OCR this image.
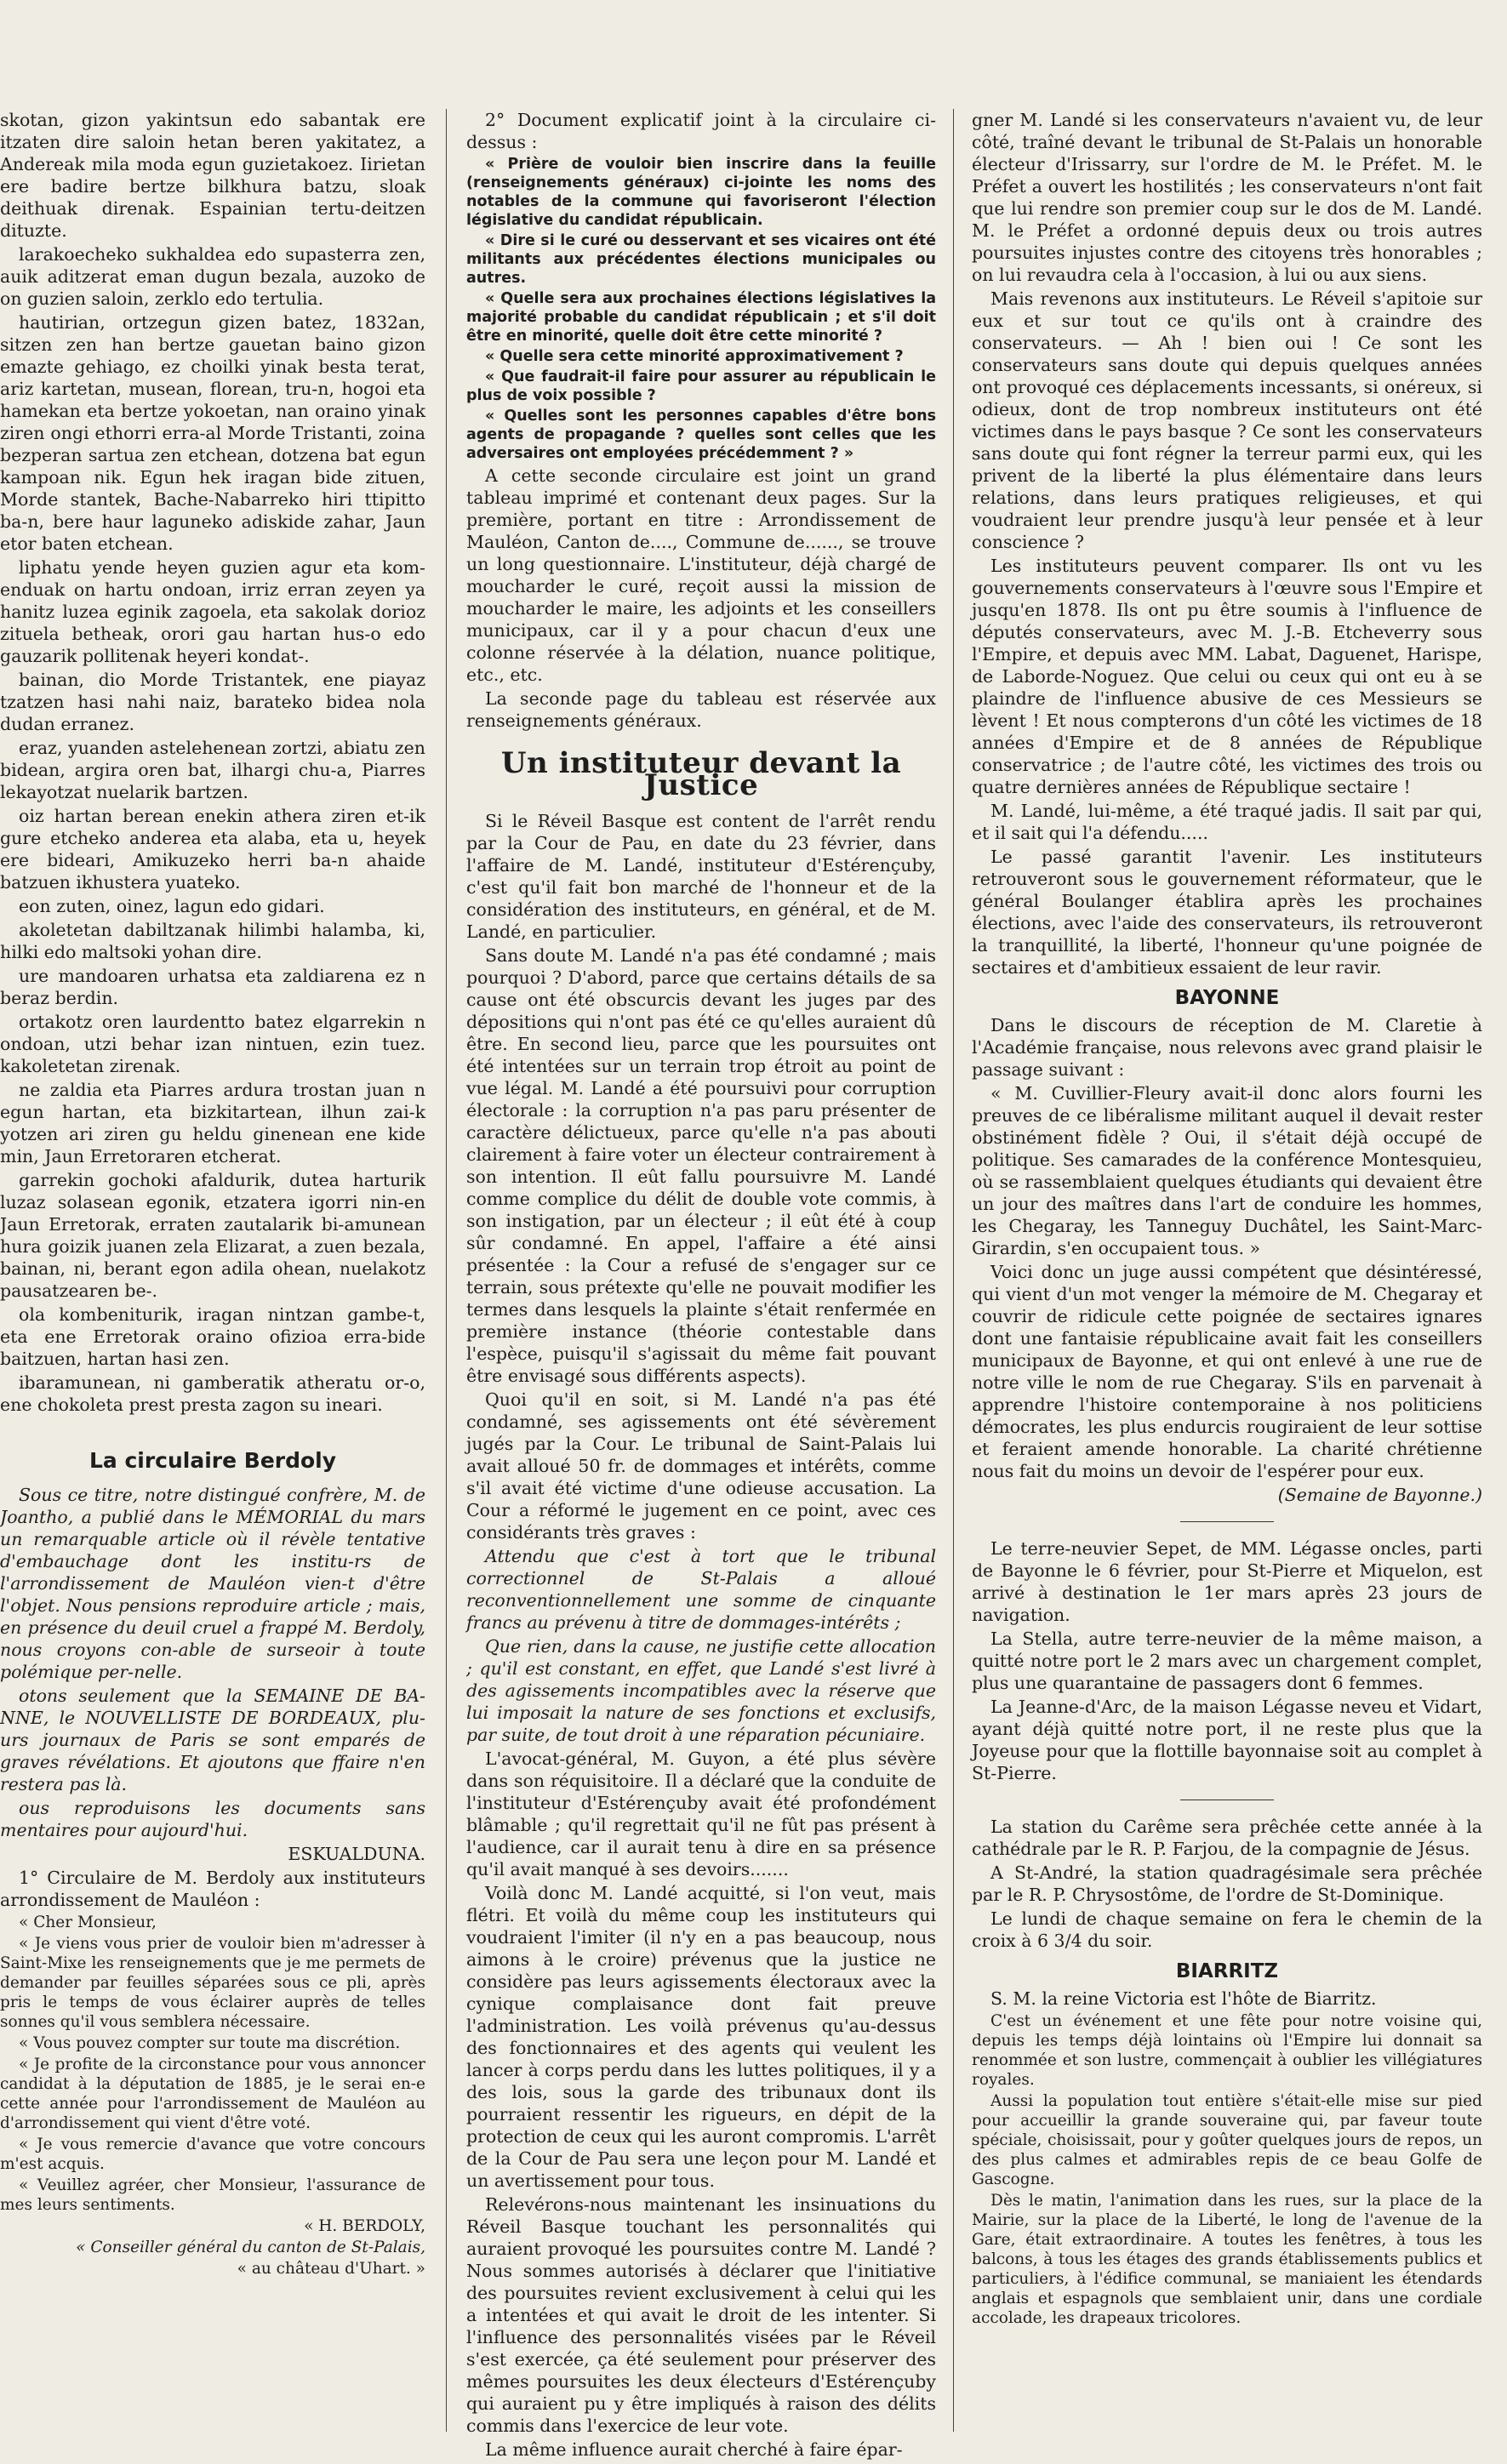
skotan, gizon yakintsun edo sabantak ere itzaten dire saloin hetan beren yakitatez, a Andereak mila moda egun guzietakoez. Iirietan ere badire bertze bilkhura batzu, sloak deithuak direnak. Espainian tertu-deitzen dituzte.

larakoecheko sukhaldea edo supasterra zen, auik aditzerat eman dugun bezala, auzoko de on guzien saloin, zerklo edo tertulia.

hautirian, ortzegun gizen batez, 1832an, sitzen zen han bertze gauetan baino gizon emazte gehiago, ez choilki yinak besta terat, ariz kartetan, musean, florean, tru-n, hogoi eta hamekan eta bertze yokoetan, nan oraino yinak ziren ongi ethorri erra-al Morde Tristanti, zoina bezperan sartua zen etchean, dotzena bat egun kampoan nik. Egun hek iragan bide zituen, Morde stantek, Bache-Nabarreko hiri ttipitto ba-n, bere haur laguneko adiskide zahar, Jaun etor baten etchean.

liphatu yende heyen guzien agur eta kom-enduak on hartu ondoan, irriz erran zeyen ya hanitz luzea eginik zagoela, eta sakolak dorioz zituela betheak, orori gau hartan hus-o edo gauzarik pollitenak heyeri kondat-.

bainan, dio Morde Tristantek, ene piayaz tzatzen hasi nahi naiz, barateko bidea nola dudan erranez.

eraz, yuanden astelehenean zortzi, abiatu zen bidean, argira oren bat, ilhargi chu-a, Piarres lekayotzat nuelarik bartzen.

oiz hartan berean enekin athera ziren et-ik gure etcheko anderea eta alaba, eta u, heyek ere bideari, Amikuzeko herri ba-n ahaide batzuen ikhustera yuateko.

eon zuten, oinez, lagun edo gidari.

akoletetan dabiltzanak hilimbi halamba, ki, hilki edo maltsoki yohan dire.

ure mandoaren urhatsa eta zaldiarena ez n beraz berdin.

ortakotz oren laurdentto batez elgarrekin n ondoan, utzi behar izan nintuen, ezin tuez. kakoletetan zirenak.

ne zaldia eta Piarres ardura trostan juan n egun hartan, eta bizkitartean, ilhun zai-k yotzen ari ziren gu heldu ginenean ene kide min, Jaun Erretoraren etcherat.

garrekin gochoki afaldurik, dutea harturik luzaz solasean egonik, etzatera igorri nin-en Jaun Erretorak, erraten zautalarik bi-amunean hura goizik juanen zela Elizarat, a zuen bezala, bainan, ni, berant egon adila ohean, nuelakotz pausatzearen be-.

ola kombeniturik, iragan nintzan gambe-t, eta ene Erretorak oraino ofizioa erra-bide baitzuen, hartan hasi zen.

ibaramunean, ni gamberatik atheratu or-o, ene chokoleta prest presta zagon su ineari.

La circulaire Berdoly

Sous ce titre, notre distingué confrère, M. de Joantho, a publié dans le MÉMORIAL du mars un remarquable article où il révèle tentative d'embauchage dont les institu-rs de l'arrondissement de Mauléon vien-t d'être l'objet. Nous pensions reproduire article ; mais, en présence du deuil cruel a frappé M. Berdoly, nous croyons con-able de surseoir à toute polémique per-nelle.

otons seulement que la SEMAINE DE BA-NNE, le NOUVELLISTE DE BORDEAUX, plu-urs journaux de Paris se sont emparés de graves révélations. Et ajoutons que ffaire n'en restera pas là.

ous reproduisons les documents sans mentaires pour aujourd'hui.

ESKUALDUNA.

1° Circulaire de M. Berdoly aux instituteurs arrondissement de Mauléon :

« Cher Monsieur,

« Je viens vous prier de vouloir bien m'adresser à Saint-Mixe les renseignements que je me permets de demander par feuilles séparées sous ce pli, après pris le temps de vous éclairer auprès de telles sonnes qu'il vous semblera nécessaire.

« Vous pouvez compter sur toute ma discrétion.

« Je profite de la circonstance pour vous annoncer candidat à la députation de 1885, je le serai en-e cette année pour l'arrondissement de Mauléon au d'arrondissement qui vient d'être voté.

« Je vous remercie d'avance que votre concours m'est acquis.

« Veuillez agréer, cher Monsieur, l'assurance de mes leurs sentiments.

« H. BERDOLY,

« Conseiller général du canton de St-Palais,

« au château d'Uhart. »

2° Document explicatif joint à la circulaire ci-dessus :

« Prière de vouloir bien inscrire dans la feuille (renseignements généraux) ci-jointe les noms des notables de la commune qui favoriseront l'élection législative du candidat républicain.

« Dire si le curé ou desservant et ses vicaires ont été militants aux précédentes élections municipales ou autres.

« Quelle sera aux prochaines élections législatives la majorité probable du candidat républicain ; et s'il doit être en minorité, quelle doit être cette minorité ?

« Quelle sera cette minorité approximativement ?

« Que faudrait-il faire pour assurer au républicain le plus de voix possible ?

« Quelles sont les personnes capables d'être bons agents de propagande ? quelles sont celles que les adversaires ont employées précédemment ? »

A cette seconde circulaire est joint un grand tableau imprimé et contenant deux pages. Sur la première, portant en titre : Arrondissement de Mauléon, Canton de...., Commune de......, se trouve un long questionnaire. L'instituteur, déjà chargé de moucharder le curé, reçoit aussi la mission de moucharder le maire, les adjoints et les conseillers municipaux, car il y a pour chacun d'eux une colonne réservée à la délation, nuance politique, etc., etc.

La seconde page du tableau est réservée aux renseignements généraux.

Un instituteur devant la Justice

Si le Réveil Basque est content de l'arrêt rendu par la Cour de Pau, en date du 23 février, dans l'affaire de M. Landé, instituteur d'Estérençuby, c'est qu'il fait bon marché de l'honneur et de la considération des instituteurs, en général, et de M. Landé, en particulier.

Sans doute M. Landé n'a pas été condamné ; mais pourquoi ? D'abord, parce que certains détails de sa cause ont été obscurcis devant les juges par des dépositions qui n'ont pas été ce qu'elles auraient dû être. En second lieu, parce que les poursuites ont été intentées sur un terrain trop étroit au point de vue légal. M. Landé a été poursuivi pour corruption électorale : la corruption n'a pas paru présenter de caractère délictueux, parce qu'elle n'a pas abouti clairement à faire voter un électeur contrairement à son intention. Il eût fallu poursuivre M. Landé comme complice du délit de double vote commis, à son instigation, par un électeur ; il eût été à coup sûr condamné. En appel, l'affaire a été ainsi présentée : la Cour a refusé de s'engager sur ce terrain, sous prétexte qu'elle ne pouvait modifier les termes dans lesquels la plainte s'était renfermée en première instance (théorie contestable dans l'espèce, puisqu'il s'agissait du même fait pouvant être envisagé sous différents aspects).

Quoi qu'il en soit, si M. Landé n'a pas été condamné, ses agissements ont été sévèrement jugés par la Cour. Le tribunal de Saint-Palais lui avait alloué 50 fr. de dommages et intérêts, comme s'il avait été victime d'une odieuse accusation. La Cour a réformé le jugement en ce point, avec ces considérants très graves :

Attendu que c'est à tort que le tribunal correctionnel de St-Palais a alloué reconventionnellement une somme de cinquante francs au prévenu à titre de dommages-intérêts ;

Que rien, dans la cause, ne justifie cette allocation ; qu'il est constant, en effet, que Landé s'est livré à des agissements incompatibles avec la réserve que lui imposait la nature de ses fonctions et exclusifs, par suite, de tout droit à une réparation pécuniaire.

L'avocat-général, M. Guyon, a été plus sévère dans son réquisitoire. Il a déclaré que la conduite de l'instituteur d'Estérençuby avait été profondément blâmable ; qu'il regrettait qu'il ne fût pas présent à l'audience, car il aurait tenu à dire en sa présence qu'il avait manqué à ses devoirs.......

Voilà donc M. Landé acquitté, si l'on veut, mais flétri. Et voilà du même coup les instituteurs qui voudraient l'imiter (il n'y en a pas beaucoup, nous aimons à le croire) prévenus que la justice ne considère pas leurs agissements électoraux avec la cynique complaisance dont fait preuve l'administration. Les voilà prévenus qu'au-dessus des fonctionnaires et des agents qui veulent les lancer à corps perdu dans les luttes politiques, il y a des lois, sous la garde des tribunaux dont ils pourraient ressentir les rigueurs, en dépit de la protection de ceux qui les auront compromis. L'arrêt de la Cour de Pau sera une leçon pour M. Landé et un avertissement pour tous.

Relevérons-nous maintenant les insinuations du Réveil Basque touchant les personnalités qui auraient provoqué les poursuites contre M. Landé ? Nous sommes autorisés à déclarer que l'initiative des poursuites revient exclusivement à celui qui les a intentées et qui avait le droit de les intenter. Si l'influence des personnalités visées par le Réveil s'est exercée, ça été seulement pour préserver des mêmes poursuites les deux électeurs d'Estérençuby qui auraient pu y être impliqués à raison des délits commis dans l'exercice de leur vote.

La même influence aurait cherché à faire épar-

gner M. Landé si les conservateurs n'avaient vu, de leur côté, traîné devant le tribunal de St-Palais un honorable électeur d'Irissarry, sur l'ordre de M. le Préfet. M. le Préfet a ouvert les hostilités ; les conservateurs n'ont fait que lui rendre son premier coup sur le dos de M. Landé. M. le Préfet a ordonné depuis deux ou trois autres poursuites injustes contre des citoyens très honorables ; on lui revaudra cela à l'occasion, à lui ou aux siens.

Mais revenons aux instituteurs. Le Réveil s'apitoie sur eux et sur tout ce qu'ils ont à craindre des conservateurs. — Ah ! bien oui ! Ce sont les conservateurs sans doute qui depuis quelques années ont provoqué ces déplacements incessants, si onéreux, si odieux, dont de trop nombreux instituteurs ont été victimes dans le pays basque ? Ce sont les conservateurs sans doute qui font régner la terreur parmi eux, qui les privent de la liberté la plus élémentaire dans leurs relations, dans leurs pratiques religieuses, et qui voudraient leur prendre jusqu'à leur pensée et à leur conscience ?

Les instituteurs peuvent comparer. Ils ont vu les gouvernements conservateurs à l'œuvre sous l'Empire et jusqu'en 1878. Ils ont pu être soumis à l'influence de députés conservateurs, avec M. J.-B. Etcheverry sous l'Empire, et depuis avec MM. Labat, Daguenet, Harispe, de Laborde-Noguez. Que celui ou ceux qui ont eu à se plaindre de l'influence abusive de ces Messieurs se lèvent ! Et nous compterons d'un côté les victimes de 18 années d'Empire et de 8 années de République conservatrice ; de l'autre côté, les victimes des trois ou quatre dernières années de République sectaire !

M. Landé, lui-même, a été traqué jadis. Il sait par qui, et il sait qui l'a défendu.....

Le passé garantit l'avenir. Les instituteurs retrouveront sous le gouvernement réformateur, que le général Boulanger établira après les prochaines élections, avec l'aide des conservateurs, ils retrouveront la tranquillité, la liberté, l'honneur qu'une poignée de sectaires et d'ambitieux essaient de leur ravir.

BAYONNE

Dans le discours de réception de M. Claretie à l'Académie française, nous relevons avec grand plaisir le passage suivant :

« M. Cuvillier-Fleury avait-il donc alors fourni les preuves de ce libéralisme militant auquel il devait rester obstinément fidèle ? Oui, il s'était déjà occupé de politique. Ses camarades de la conférence Montesquieu, où se rassemblaient quelques étudiants qui devaient être un jour des maîtres dans l'art de conduire les hommes, les Chegaray, les Tanneguy Duchâtel, les Saint-Marc-Girardin, s'en occupaient tous. »

Voici donc un juge aussi compétent que désintéressé, qui vient d'un mot venger la mémoire de M. Chegaray et couvrir de ridicule cette poignée de sectaires ignares dont une fantaisie républicaine avait fait les conseillers municipaux de Bayonne, et qui ont enlevé à une rue de notre ville le nom de rue Chegaray. S'ils en parvenait à apprendre l'histoire contemporaine à nos politiciens démocrates, les plus endurcis rougiraient de leur sottise et feraient amende honorable. La charité chrétienne nous fait du moins un devoir de l'espérer pour eux.

(Semaine de Bayonne.)

Le terre-neuvier Sepet, de MM. Légasse oncles, parti de Bayonne le 6 février, pour St-Pierre et Miquelon, est arrivé à destination le 1er mars après 23 jours de navigation.

La Stella, autre terre-neuvier de la même maison, a quitté notre port le 2 mars avec un chargement complet, plus une quarantaine de passagers dont 6 femmes.

La Jeanne-d'Arc, de la maison Légasse neveu et Vidart, ayant déjà quitté notre port, il ne reste plus que la Joyeuse pour que la flottille bayonnaise soit au complet à St-Pierre.

La station du Carême sera prêchée cette année à la cathédrale par le R. P. Farjou, de la compagnie de Jésus.

A St-André, la station quadragésimale sera prêchée par le R. P. Chrysostôme, de l'ordre de St-Dominique.

Le lundi de chaque semaine on fera le chemin de la croix à 6 3/4 du soir.

BIARRITZ

S. M. la reine Victoria est l'hôte de Biarritz.

C'est un événement et une fête pour notre voisine qui, depuis les temps déjà lointains où l'Empire lui donnait sa renommée et son lustre, commençait à oublier les villégiatures royales.

Aussi la population tout entière s'était-elle mise sur pied pour accueillir la grande souveraine qui, par faveur toute spéciale, choisissait, pour y goûter quelques jours de repos, un des plus calmes et admirables repis de ce beau Golfe de Gascogne.

Dès le matin, l'animation dans les rues, sur la place de la Mairie, sur la place de la Liberté, le long de l'avenue de la Gare, était extraordinaire. A toutes les fenêtres, à tous les balcons, à tous les étages des grands établissements publics et particuliers, à l'édifice communal, se maniaient les étendards anglais et espagnols que semblaient unir, dans une cordiale accolade, les drapeaux tricolores.
